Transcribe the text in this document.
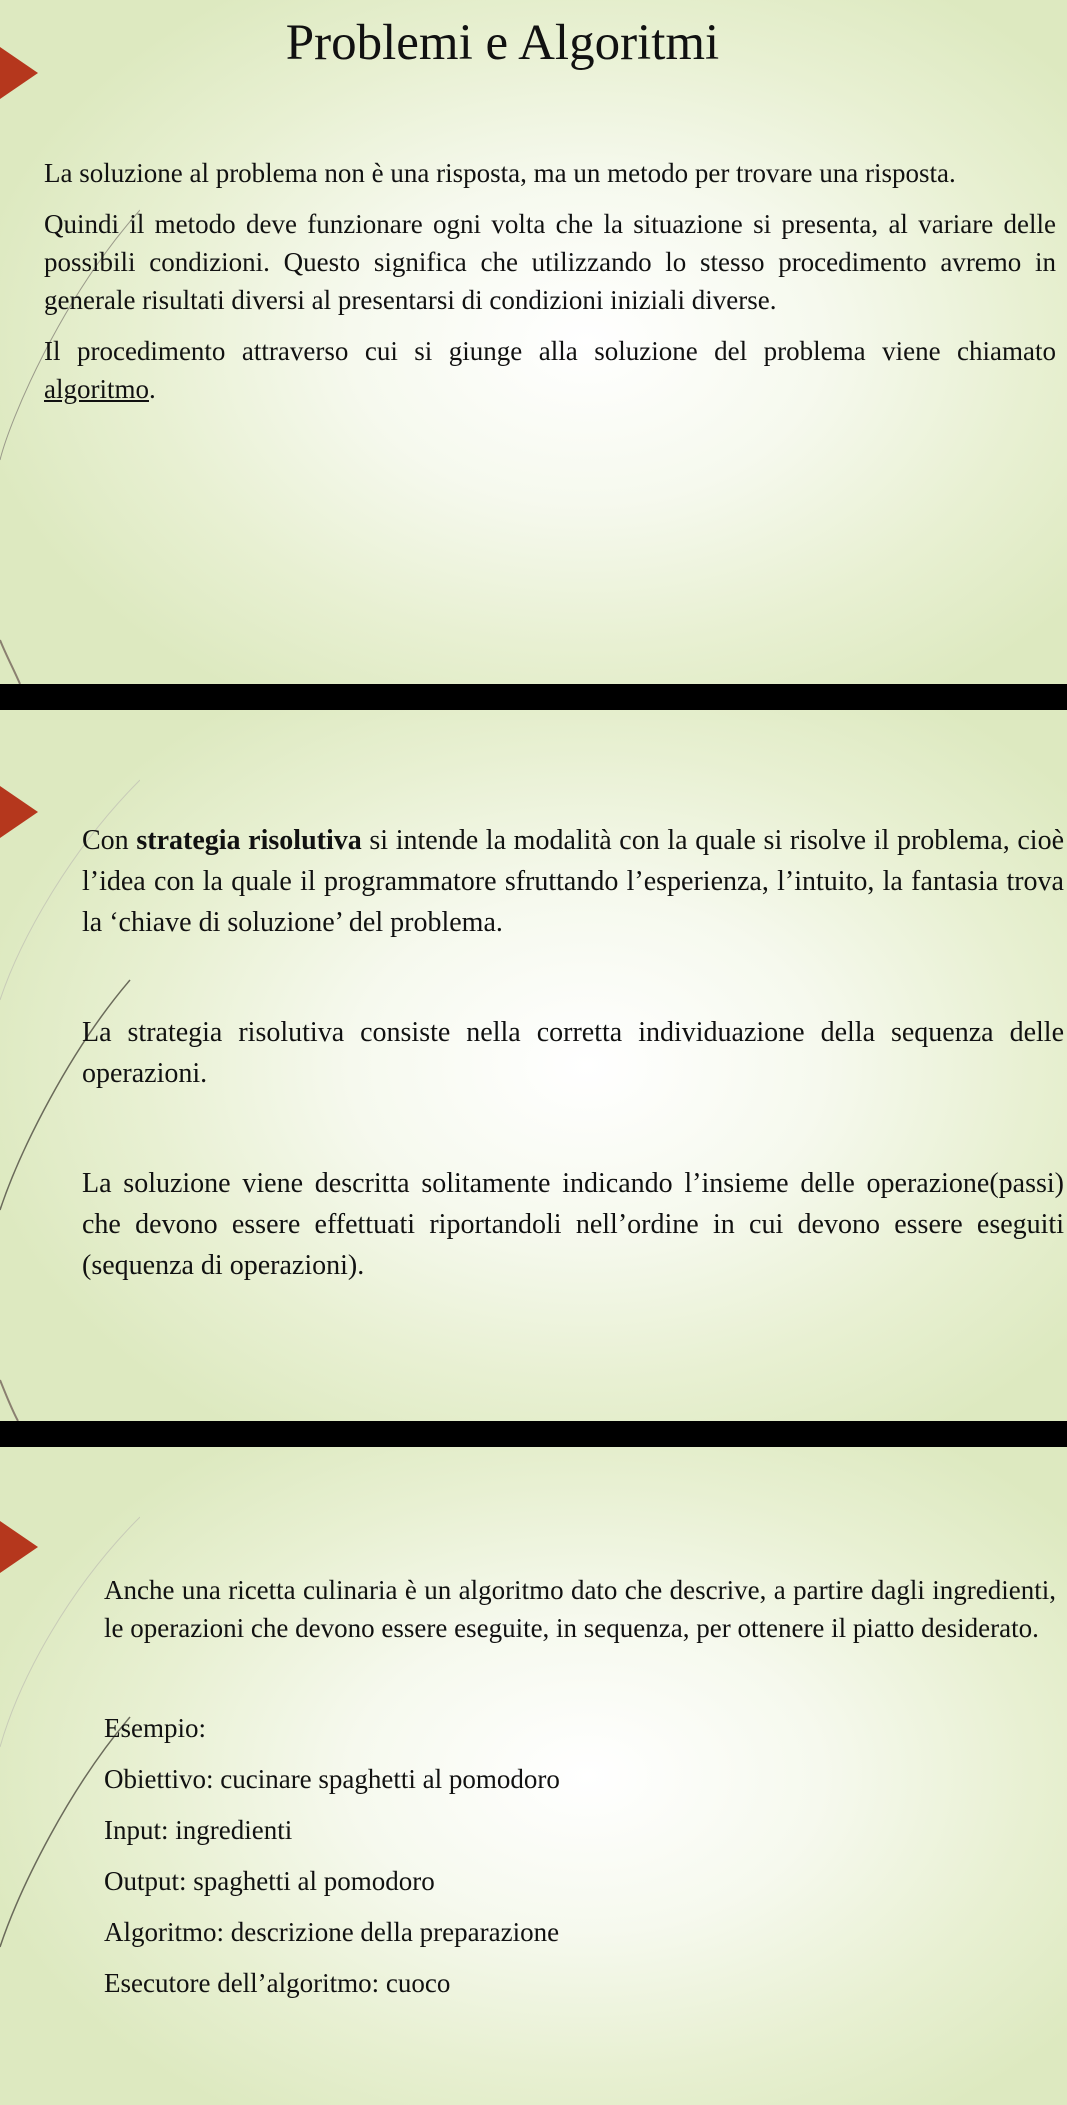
Problemi e Algoritmi

La soluzione al problema non è una risposta, ma un metodo per trovare una risposta.

Quindi il metodo deve funzionare ogni volta che la situazione si presenta, al variare delle possibili condizioni. Questo significa che utilizzando lo stesso procedimento avremo in generale risultati diversi al presentarsi di condizioni iniziali diverse.

Il procedimento attraverso cui si giunge alla soluzione del problema viene chiamato algoritmo.

Con strategia risolutiva si intende la modalità con la quale si risolve il problema, cioè l’idea con la quale il programmatore sfruttando l’esperienza, l’intuito, la fantasia trova la ‘chiave di soluzione’ del problema.

La strategia risolutiva consiste nella corretta individuazione della sequenza delle operazioni.

La soluzione viene descritta solitamente indicando l’insieme delle operazione(passi) che devono essere effettuati riportandoli nell’ordine in cui devono essere eseguiti (sequenza di operazioni).

Anche una ricetta culinaria è un algoritmo dato che descrive, a partire dagli ingredienti, le operazioni che devono essere eseguite, in sequenza, per ottenere il piatto desiderato.

Esempio:

Obiettivo: cucinare spaghetti al pomodoro

Input: ingredienti

Output: spaghetti al pomodoro

Algoritmo: descrizione della preparazione

Esecutore dell’algoritmo: cuoco
